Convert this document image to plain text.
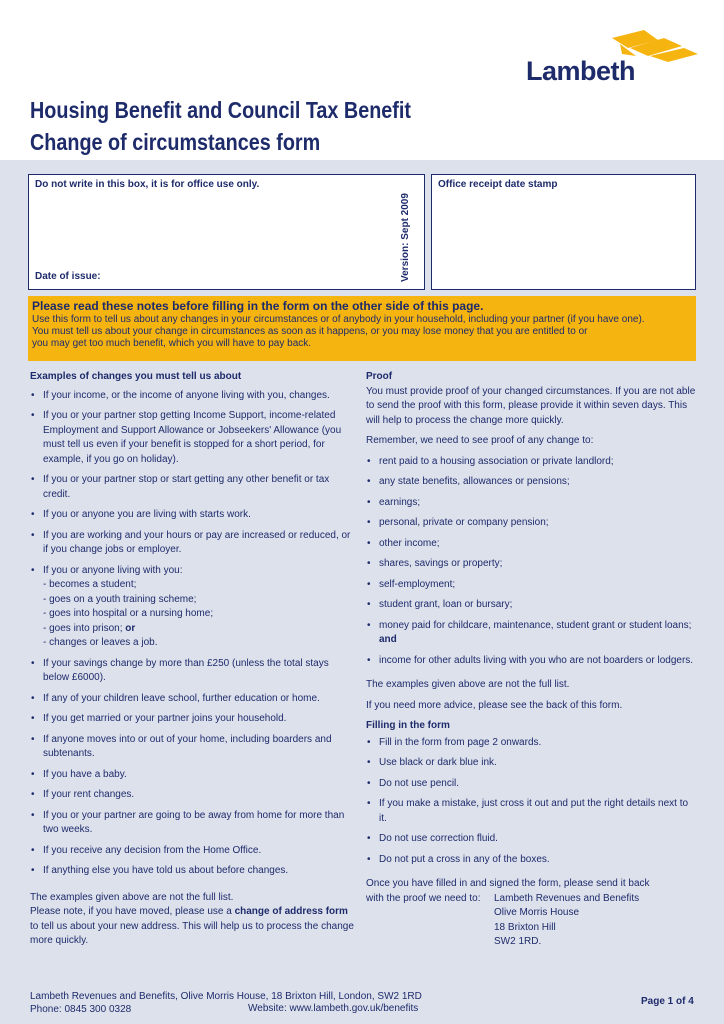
Lambeth
Housing Benefit and Council Tax Benefit
Change of circumstances form
Do not write in this box, it is for office use only.
Date of issue:	Version: Sept 2009
Office receipt date stamp
Please read these notes before filling in the form on the other side of this page.
Use this form to tell us about any changes in your circumstances or of anybody in your household, including your partner (if you have one).
You must tell us about your change in circumstances as soon as it happens, or you may lose money that you are entitled to or
you may get too much benefit, which you will have to pay back.
Examples of changes you must tell us about
• If your income, or the income of anyone living with you, changes.
• If you or your partner stop getting Income Support, income-related Employment and Support Allowance or Jobseekers' Allowance (you must tell us even if your benefit is stopped for a short period, for example, if you go on holiday).
• If you or your partner stop or start getting any other benefit or tax credit.
• If you or anyone you are living with starts work.
• If you are working and your hours or pay are increased or reduced, or if you change jobs or employer.
• If you or anyone living with you:
- becomes a student;
- goes on a youth training scheme;
- goes into hospital or a nursing home;
- goes into prison; or
- changes or leaves a job.
• If your savings change by more than £250 (unless the total stays below £6000).
• If any of your children leave school, further education or home.
• If you get married or your partner joins your household.
• If anyone moves into or out of your home, including boarders and subtenants.
• If you have a baby.
• If your rent changes.
• If you or your partner are going to be away from home for more than two weeks.
• If you receive any decision from the Home Office.
• If anything else you have told us about before changes.
The examples given above are not the full list.
Please note, if you have moved, please use a change of address form to tell us about your new address. This will help us to process the change more quickly.
Proof

You must provide proof of your changed circumstances. If you are not able to send the proof with this form, please provide it within seven days. This will help to process the change more quickly.

Remember, we need to see proof of any change to:

• rent paid to a housing association or private landlord;
• any state benefits, allowances or pensions;
• earnings;
• personal, private or company pension;
• other income;
• shares, savings or property;
• self-employment;
• student grant, loan or bursary;
• money paid for childcare, maintenance, student grant or student loans; and
• income for other adults living with you who are not boarders or lodgers.

The examples given above are not the full list.

If you need more advice, please see the back of this form.

Filling in the form
• Fill in the form from page 2 onwards.
• Use black or dark blue ink.
• Do not use pencil.
• If you make a mistake, just cross it out and put the right details next to it.
• Do not use correction fluid.
• Do not put a cross in any of the boxes.
Once you have filled in and signed the form, please send it back
with the proof we need to:	Lambeth Revenues and Benefits
Olive Morris House
18 Brixton Hill
SW2 1RD.
Lambeth Revenues and Benefits, Olive Morris House, 18 Brixton Hill, London, SW2 1RD
Phone: 0845 300 0328	Website: www.lambeth.gov.uk/benefits
Page 1 of 4
